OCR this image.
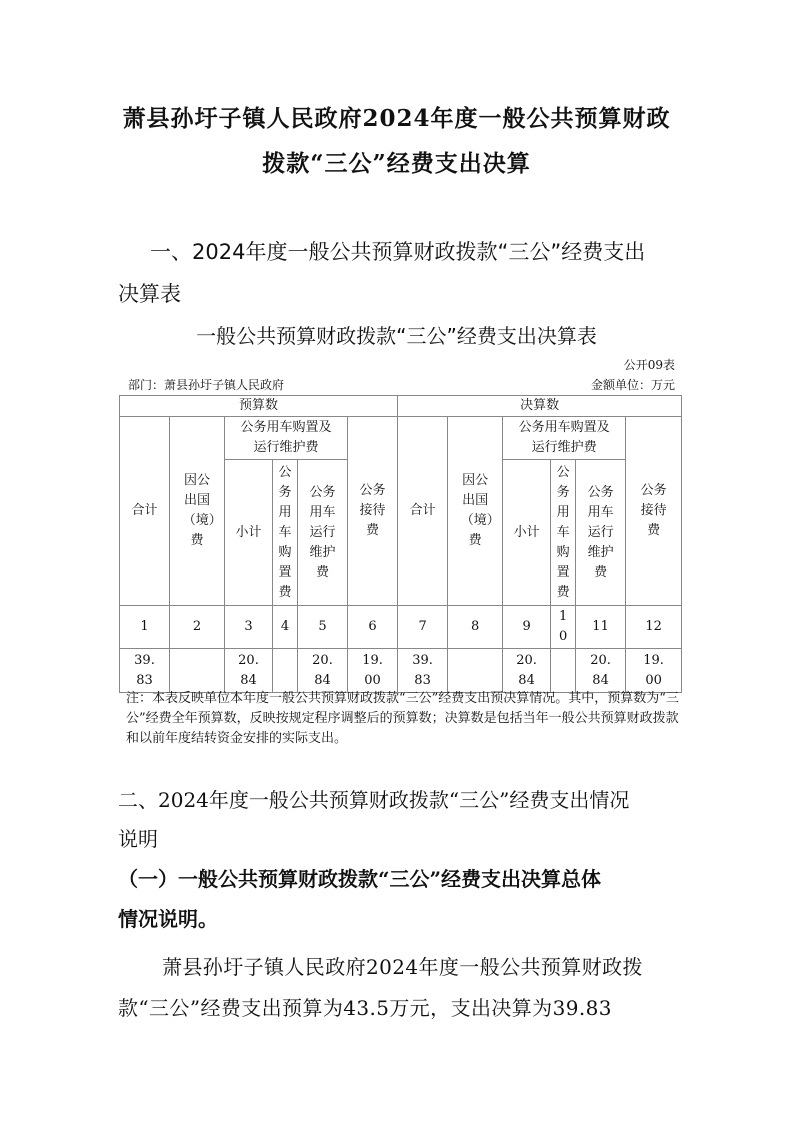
萧县孙圩子镇人民政府2024年度一般公共预算财政
拨款“三公”经费支出决算
一、2024年度一般公共预算财政拨款“三公”经费支出
决算表
一般公共预算财政拨款“三公”经费支出决算表
公开09表
部门：萧县孙圩子镇人民政府	金额单位：万元
预算数						决算数					
合计	因公出国（境）费	公务用车购置及运行维护费			公务接待费	合计	因公出国（境）费	公务用车购置及运行维护费			公务接待费
		小计	公务用车购置费	公务用车运行维护费				小计	公务用车购置费	公务用车运行维护费	
1	2	3	4	5	6	7	8	9	10	11	12
39.83		20.84		20.84	19.00	39.83		20.84		20.84	19.00
注：本表反映单位本年度一般公共预算财政拨款“三公”经费支出预决算情况。其中，预算数为“三公”经费全年预算数，反映按规定程序调整后的预算数；决算数是包括当年一般公共预算财政拨款和以前年度结转资金安排的实际支出。
二、2024年度一般公共预算财政拨款“三公”经费支出情况
说明
（一）一般公共预算财政拨款“三公”经费支出决算总体
情况说明。
萧县孙圩子镇人民政府2024年度一般公共预算财政拨
款“三公”经费支出预算为43.5万元，支出决算为39.83
